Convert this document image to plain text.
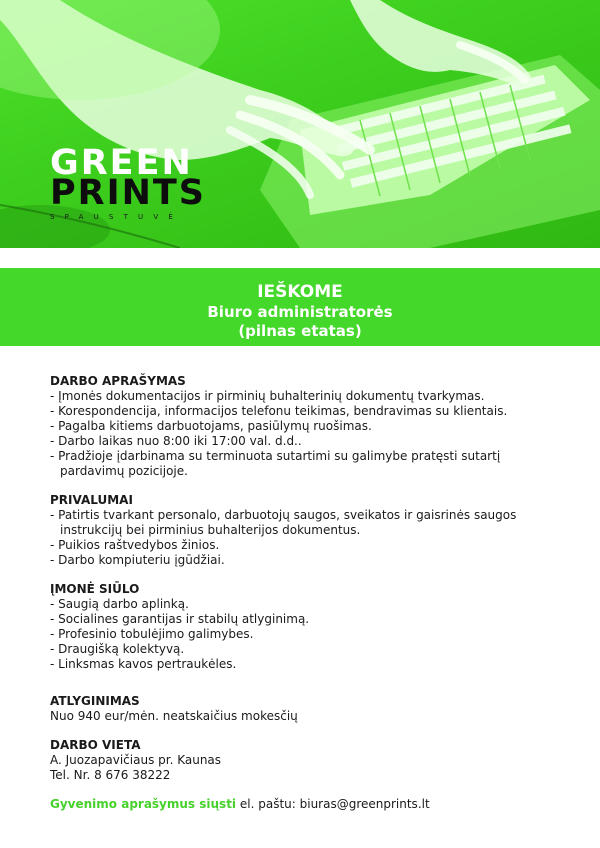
GREEN
PRINTS
SPAUSTUVĖ
IEŠKOME
Biuro administratorės
(pilnas etatas)
DARBO APRAŠYMAS
- Įmonės dokumentacijos ir pirminių buhalterinių dokumentų tvarkymas.
- Korespondencija, informacijos telefonu teikimas, bendravimas su klientais.
- Pagalba kitiems darbuotojams, pasiūlymų ruošimas.
- Darbo laikas nuo 8:00 iki 17:00 val. d.d..
- Pradžioje įdarbinama su terminuota sutartimi su galimybe pratęsti sutartį pardavimų pozicijoje.
PRIVALUMAI
- Patirtis tvarkant personalo, darbuotojų saugos, sveikatos ir gaisrinės saugos instrukcijų bei pirminius buhalterijos dokumentus.
- Puikios raštvedybos žinios.
- Darbo kompiuteriu įgūdžiai.
ĮMONĖ SIŪLO
- Saugią darbo aplinką.
- Socialines garantijas ir stabilų atlyginimą.
- Profesinio tobulėjimo galimybes.
- Draugišką kolektyvą.
- Linksmas kavos pertraukėles.
ATLYGINIMAS
Nuo 940 eur/mėn. neatskaičius mokesčių
DARBO VIETA
A. Juozapavičiaus pr. Kaunas
Tel. Nr. 8 676 38222
Gyvenimo aprašymus siųsti el. paštu: biuras@greenprints.lt
